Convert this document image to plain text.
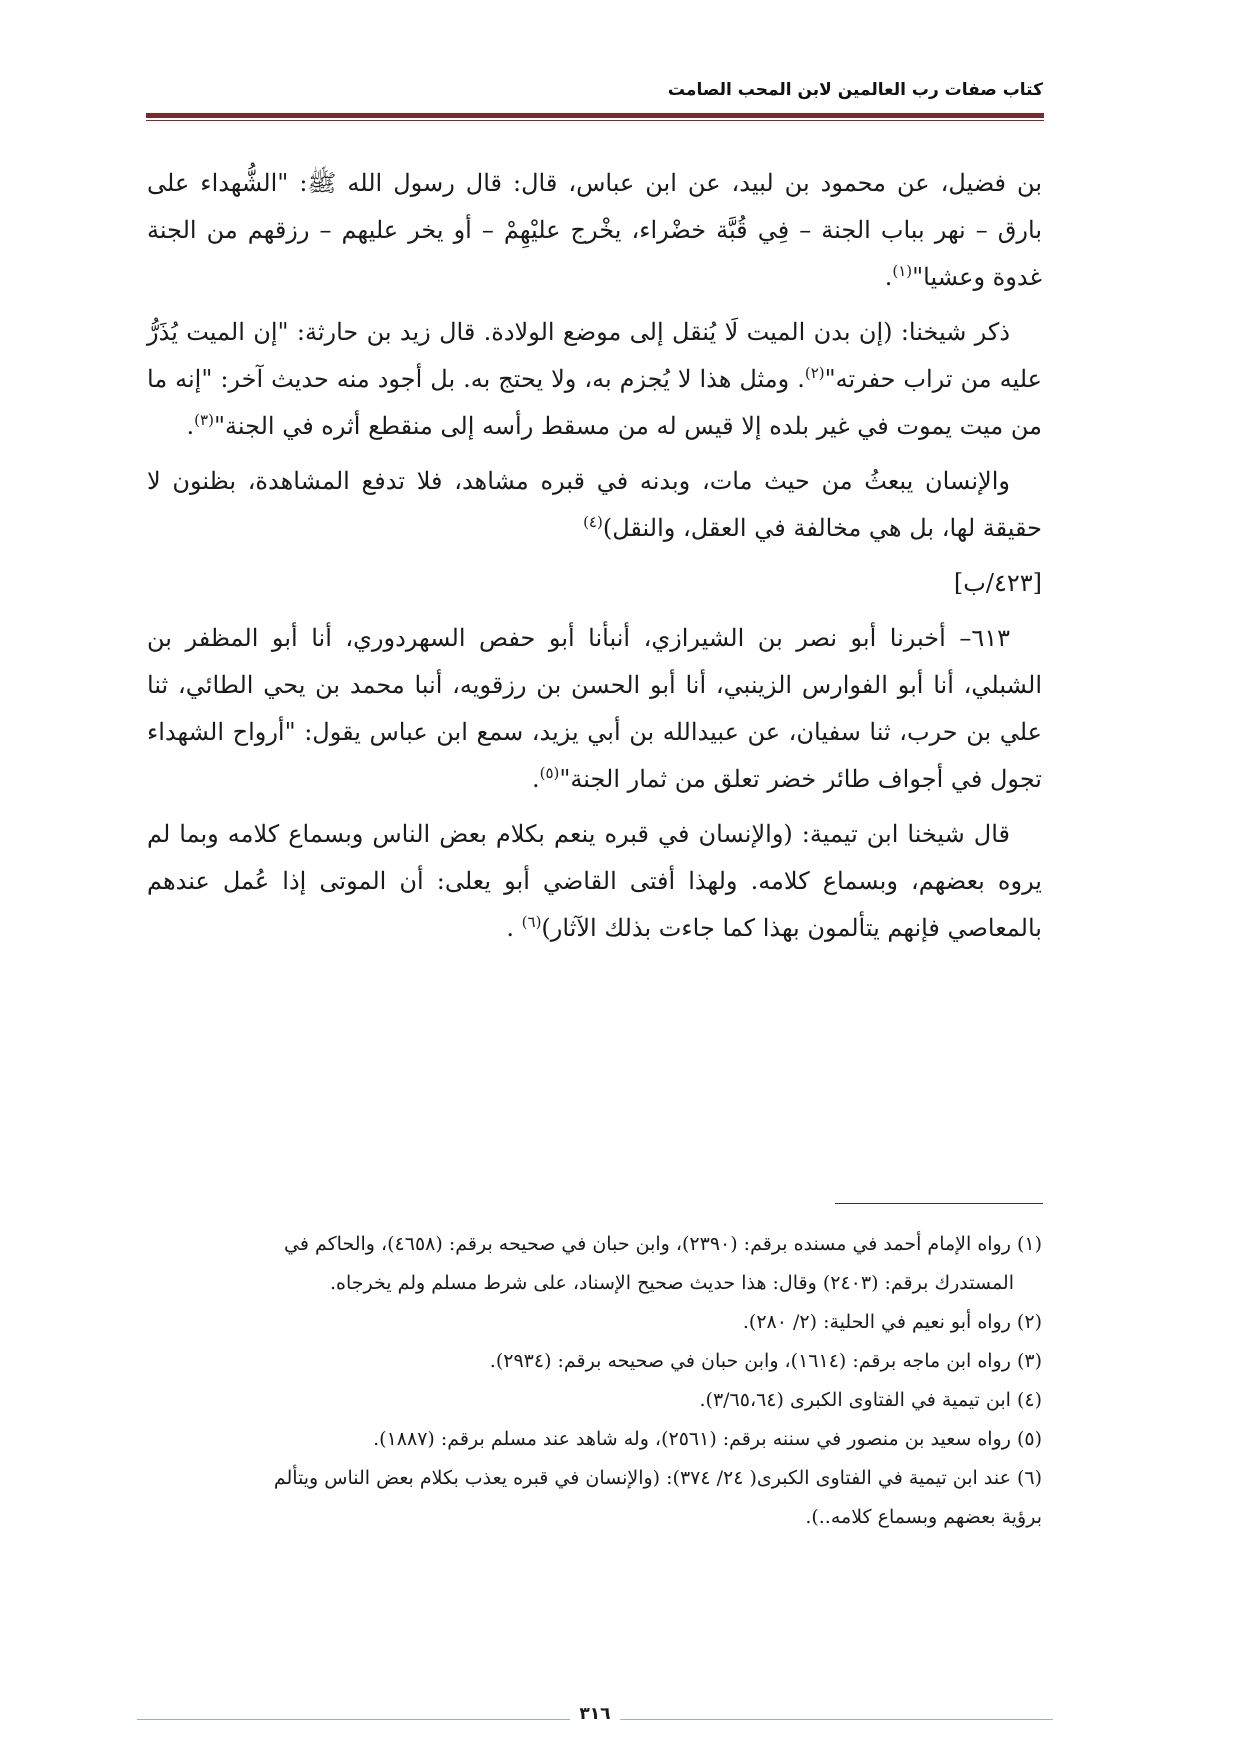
كتاب صفات رب العالمين لابن المحب الصامت

بن فضيل، عن محمود بن لبيد، عن ابن عباس، قال: قال رسول الله ﷺ: "الشُّهداء على بارق – نهر بباب الجنة – فِي قُبَّة خضْراء، يخْرج عليْهِمْ – أو يخر عليهم – رزقهم من الجنة غدوة وعشيا"$^{(١)}$.

ذكر شيخنا: (إن بدن الميت لَا يُنقل إلى موضع الولادة. قال زيد بن حارثة: "إن الميت يُذَرُّ عليه من تراب حفرته"$^{(٢)}$. ومثل هذا لا يُجزم به، ولا يحتج به. بل أجود منه حديث آخر: "إنه ما من ميت يموت في غير بلده إلا قيس له من مسقط رأسه إلى منقطع أثره في الجنة"$^{(٣)}$.

والإنسان يبعثُ من حيث مات، وبدنه في قبره مشاهد، فلا تدفع المشاهدة، بظنون لا حقيقة لها، بل هي مخالفة في العقل، والنقل)$^{(٤)}$

[٤٢٣/ب]

٦١٣– أخبرنا أبو نصر بن الشيرازي، أنبأنا أبو حفص السهردوري، أنا أبو المظفر بن الشبلي، أنا أبو الفوارس الزينبي، أنا أبو الحسن بن رزقويه، أنبا محمد بن يحي الطائي، ثنا علي بن حرب، ثنا سفيان، عن عبيدالله بن أبي يزيد، سمع ابن عباس يقول: "أرواح الشهداء تجول في أجواف طائر خضر تعلق من ثمار الجنة"$^{(٥)}$.

قال شيخنا ابن تيمية: (والإنسان في قبره ينعم بكلام بعض الناس وبسماع كلامه وبما لم يروه بعضهم، وبسماع كلامه. ولهذا أفتى القاضي أبو يعلى: أن الموتى إذا عُمل عندهم بالمعاصي فإنهم يتألمون بهذا كما جاءت بذلك الآثار)$^{(٦)}$ .

(١) رواه الإمام أحمد في مسنده برقم: (٢٣٩٠)، وابن حبان في صحيحه برقم: (٤٦٥٨)، والحاكم في

المستدرك برقم: (٢٤٠٣) وقال: هذا حديث صحيح الإسناد، على شرط مسلم ولم يخرجاه.

(٢) رواه أبو نعيم في الحلية: (٢/ ٢٨٠).

(٣) رواه ابن ماجه برقم: (١٦١٤)، وابن حبان في صحيحه برقم: (٢٩٣٤).

(٤) ابن تيمية في الفتاوى الكبرى (٣/٦٥،٦٤).

(٥) رواه سعيد بن منصور في سننه برقم: (٢٥٦١)، وله شاهد عند مسلم برقم: (١٨٨٧).

(٦) عند ابن تيمية في الفتاوى الكبرى( ٢٤/ ٣٧٤): (والإنسان في قبره يعذب بكلام بعض الناس ويتألم

برؤية بعضهم وبسماع كلامه..).

٣١٦
